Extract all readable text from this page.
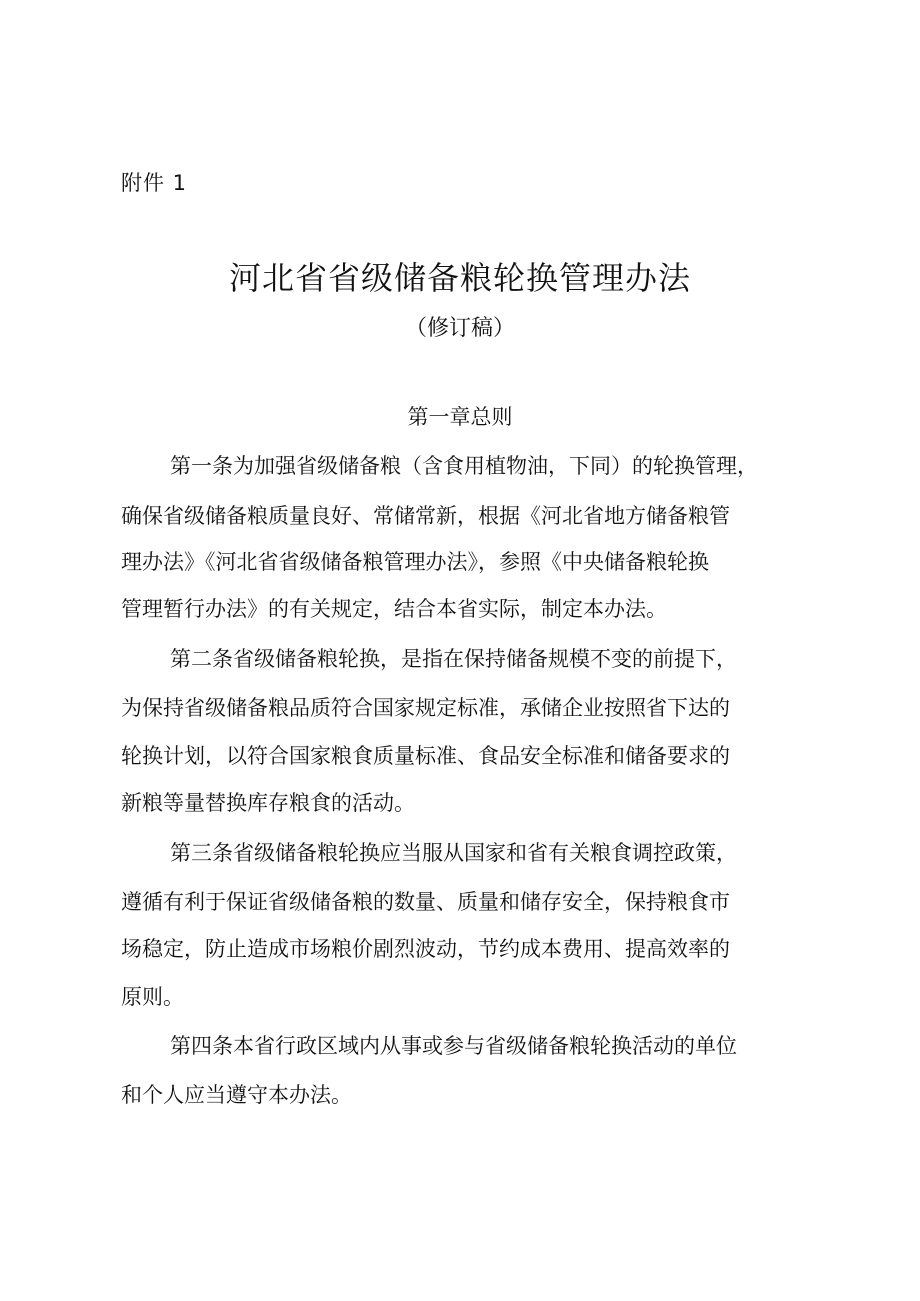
附件 1
河北省省级储备粮轮换管理办法
（修订稿）
第一章总则
第一条为加强省级储备粮（含食用植物油，下同）的轮换管理，
确保省级储备粮质量良好、常储常新，根据《河北省地方储备粮管
理办法》《河北省省级储备粮管理办法》，参照《中央储备粮轮换
管理暂行办法》的有关规定，结合本省实际，制定本办法。
第二条省级储备粮轮换，是指在保持储备规模不变的前提下，
为保持省级储备粮品质符合国家规定标准，承储企业按照省下达的
轮换计划，以符合国家粮食质量标准、食品安全标准和储备要求的
新粮等量替换库存粮食的活动。
第三条省级储备粮轮换应当服从国家和省有关粮食调控政策，
遵循有利于保证省级储备粮的数量、质量和储存安全，保持粮食市
场稳定，防止造成市场粮价剧烈波动，节约成本费用、提高效率的
原则。
第四条本省行政区域内从事或参与省级储备粮轮换活动的单位
和个人应当遵守本办法。
